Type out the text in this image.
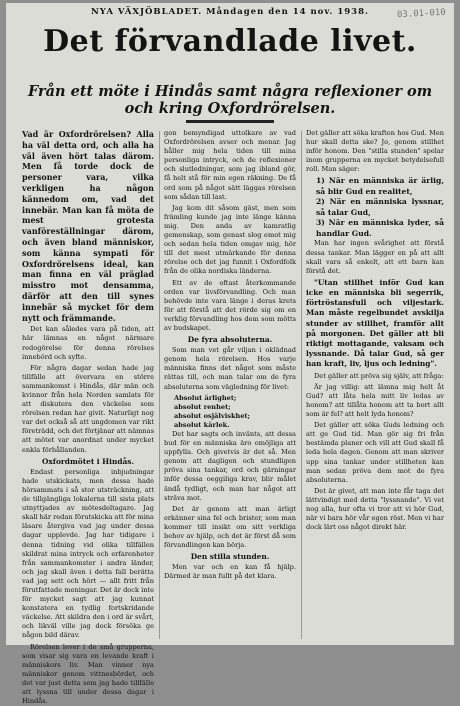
NYA VÄXJÖBLADET. Måndagen den 14 nov. 1938.	03.01-010
Det förvandlade livet.
Från ett möte i Hindås samt några reflexioner om och kring Oxfordrörelsen.

Vad är Oxfordrörelsen? Alla ha väl detta ord, och alla ha väl även hört talas därom. Men få torde dock de personer vara, vilka verkligen ha någon kännedom om, vad det innebär. Man kan få möta de mest grotesta vanföreställningar därom, och även bland människor, som känna sympati för Oxfordrörelsens ideal, kan man finna en väl präglad misstro mot densamma, därför att den till synes innebär så mycket för dem nytt och främmande.

Det kan således vara på tiden, att här lämnas en något närmare redogörelse för denna rörelses innebörd och syfte.

För några dagar sedan hade jag tillfälle att övervara en större sammankomst i Hindås, där män och kvinnor från hela Norden samlats för att diskutera den väckelse som rörelsen redan har givit. Naturligt nog var det också så att ungdomen var rikt företrädd, och det förtjänar att nämnas att mötet var anordnat under mycket enkla förhållanden.

Oxfordmötet i Hindås.

Endast personliga inbjudningar hade utskickats, men dessa hade hörsammats i så stor utsträckning, att de tillgängliga lokalerna till sista plats utnyttjades av mötesdeltagare. Jag skall här redan förutskicka att för mina läsare återgiva vad jag under dessa dagar upplevde. Jag har tidigare i denna tidning vid olika tillfällen skildrat mina intryck och erfarenheter från sammankomster i andra länder, och jag skall även i detta fall berätta vad jag sett och hört — allt fritt från förutfattade meningar. Det är dock inte för mycket sagt att jag kunnat konstatera en tydlig fortskridande väckelse. Att skildra den i ord är svårt, och likväl ville jag dock försöka ge någon bild därav.

Rörelsen lever i de små grupperna, som visar sig vara en levande kraft i människors liv. Man vinner nya människor genom vittnesbördet, och det var just detta som jag hade tillfälle att lyssna till under dessa dagar i Hindås.

gon bemyndigad uttolkare av vad Oxfordrörelsen avser och menar. Jag håller mig hela tiden till mina personliga intryck, och de reflexioner och slutledningar, som jag ibland gör, få helt stå för min egen räkning. De få ord som på något sätt läggas rörelsen som sådan till last.

Jag kom dit såsom gäst, men som främling kunde jag inte länge känna mig. Den anda av kamratlig gemenskap, som genast slog emot mig och sedan hela tiden omgav mig, hör till det mest utmärkande för denna rörelse och det jag funnit i Oxfordfolk från de olika nordiska länderna.

Ett av de oftast återkommande orden var livsförvandling. Och man behövde inte vara länge i deras krets för att förstå att det rörde sig om en verklig förvandling hos dem som mötts av budskapet.

De fyra absoluterna.

Som man vet går viljan i oklädnad genom hela rörelsen. Hos varje människa finns det något som måste rättas till, och man talar om de fyra absoluterna som vägledning för livet:

Absolut ärlighet;

absolut renhet;

absolut osjälviskhet;

absolut kärlek.

Det har sagts och invänts, att dessa bud för en människa äro omöjliga att uppfylla. Och givetvis är det så. Men genom att dagligen och stundligen pröva sina tankar, ord och gärningar inför dessa oeggiliga krav, blir målet ändå tydligt, och man har något att sträva mot.

Det är genom att man ärligt erkänner sina fel och brister, som man kommer till insikt om sitt verkliga behov av hjälp, och det är först då som förvandlingen kan börja.

Den stilla stunden.

Men var och en kan få hjälp. Därmed är man fullt på det klara.

Det gäller att söka kraften hos Gud. Men hur skall detta ske? Jo, genom stillhet inför honom. Den "stilla stunden" spelar inom grupperna en mycket betydelsefull roll. Man säger:

1) När en människa är ärlig, så blir Gud en realitet,

2) När en människa lyssnar, så talar Gud,

3) När en människa lyder, så handlar Gud.

Man har ingen svårighet att förstå dessa tankar. Man lägger en på att allt skall vara så enkelt, att ett barn kan förstå det.

"Utan stillhet inför Gud kan icke en människa bli segerrik, förtröstansfull och viljestark. Man måste regelbundet avskilja stunder av stillhet, framför allt på morgonen. Det gäller att bli riktigt mottagande, vaksam och lyssnande. Då talar Gud, så ger han kraft, liv, ljus och ledning".

Det gäller att pröva sig själv, att fråga:

Är jag villig: att lämna mig helt åt Gud? att låta hela mitt liv ledas av honom? att tillåta honom att ta bort allt som är fel? att helt lyda honom?

Det gäller att söka Guds ledning och att ge Gud tid. Man gör sig fri från bestämda planer och vill att Gud skall få leda hela dagen. Genom att man skriver upp sina tankar under stillheten kan man sedan pröva dem mot de fyra absoluterna.

Det är givet, att man inte får taga det lättvindigt med detta "lyssnande". Vi vet nog alla, hur ofta vi tror att vi hör Gud, när vi bara hör vår egen röst. Men vi har dock lärt oss något direkt här.
